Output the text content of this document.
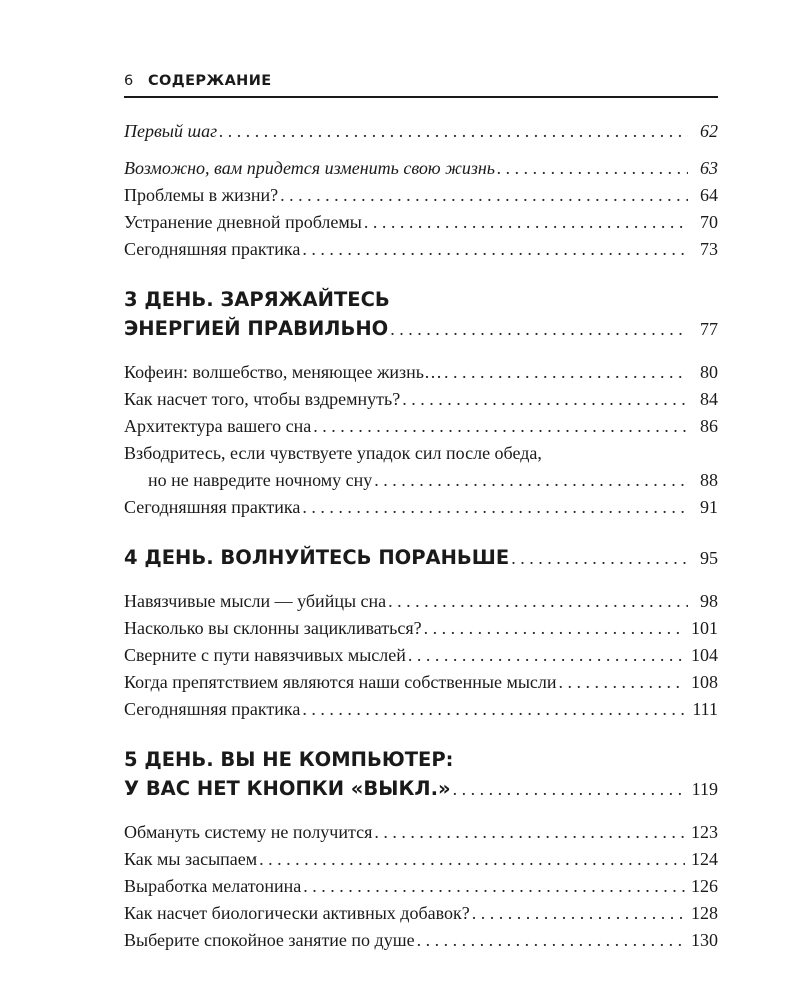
6 СОДЕРЖАНИЕ
Первый шаг . . .	62
Возможно, вам придется изменить свою жизнь . . .	63
Проблемы в жизни? . . .	64
Устранение дневной проблемы . . .	70
Сегодняшняя практика . . .	73
3 ДЕНЬ. ЗАРЯЖАЙТЕСЬ
ЭНЕРГИЕЙ ПРАВИЛЬНО . . .	77
Кофеин: волшебство, меняющее жизнь… . . .	80
Как насчет того, чтобы вздремнуть? . . .	84
Архитектура вашего сна . . .	86
Взбодритесь, если чувствуете упадок сил после обеда,
но не навредите ночному сну . . .	88
Сегодняшняя практика . . .	91
4 ДЕНЬ. ВОЛНУЙТЕСЬ ПОРАНЬШЕ . . .	95
Навязчивые мысли — убийцы сна . . .	98
Насколько вы склонны зацикливаться? . . .	101
Сверните с пути навязчивых мыслей . . .	104
Когда препятствием являются наши собственные мысли . . .	108
Сегодняшняя практика . . .	111
5 ДЕНЬ. ВЫ НЕ КОМПЬЮТЕР:
У ВАС НЕТ КНОПКИ «ВЫКЛ.» . . .	119
Обмануть систему не получится . . .	123
Как мы засыпаем . . .	124
Выработка мелатонина . . .	126
Как насчет биологически активных добавок? . . .	128
Выберите спокойное занятие по душе . . .	130
